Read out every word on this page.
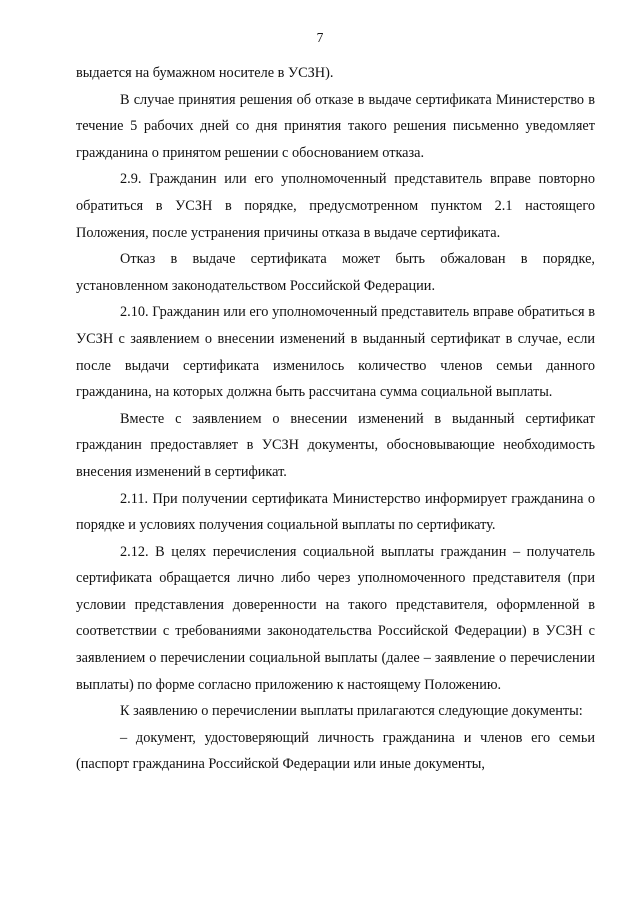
7

выдается на бумажном носителе в УСЗН).

В случае принятия решения об отказе в выдаче сертификата Министерство в течение 5 рабочих дней со дня принятия такого решения письменно уведомляет гражданина о принятом решении с обоснованием отказа.

2.9. Гражданин или его уполномоченный представитель вправе повторно обратиться в УСЗН в порядке, предусмотренном пунктом 2.1 настоящего Положения, после устранения причины отказа в выдаче сертификата.

Отказ в выдаче сертификата может быть обжалован в порядке, установленном законодательством Российской Федерации.

2.10. Гражданин или его уполномоченный представитель вправе обратиться в УСЗН с заявлением о внесении изменений в выданный сертификат в случае, если после выдачи сертификата изменилось количество членов семьи данного гражданина, на которых должна быть рассчитана сумма социальной выплаты.

Вместе с заявлением о внесении изменений в выданный сертификат гражданин предоставляет в УСЗН документы, обосновывающие необходимость внесения изменений в сертификат.

2.11. При получении сертификата Министерство информирует гражданина о порядке и условиях получения социальной выплаты по сертификату.

2.12. В целях перечисления социальной выплаты гражданин – получатель сертификата обращается лично либо через уполномоченного представителя (при условии представления доверенности на такого представителя, оформленной в соответствии с требованиями законодательства Российской Федерации) в УСЗН с заявлением о перечислении социальной выплаты (далее – заявление о перечислении выплаты) по форме согласно приложению к настоящему Положению.

К заявлению о перечислении выплаты прилагаются следующие документы:

– документ, удостоверяющий личность гражданина и членов его семьи (паспорт гражданина Российской Федерации или иные документы,
